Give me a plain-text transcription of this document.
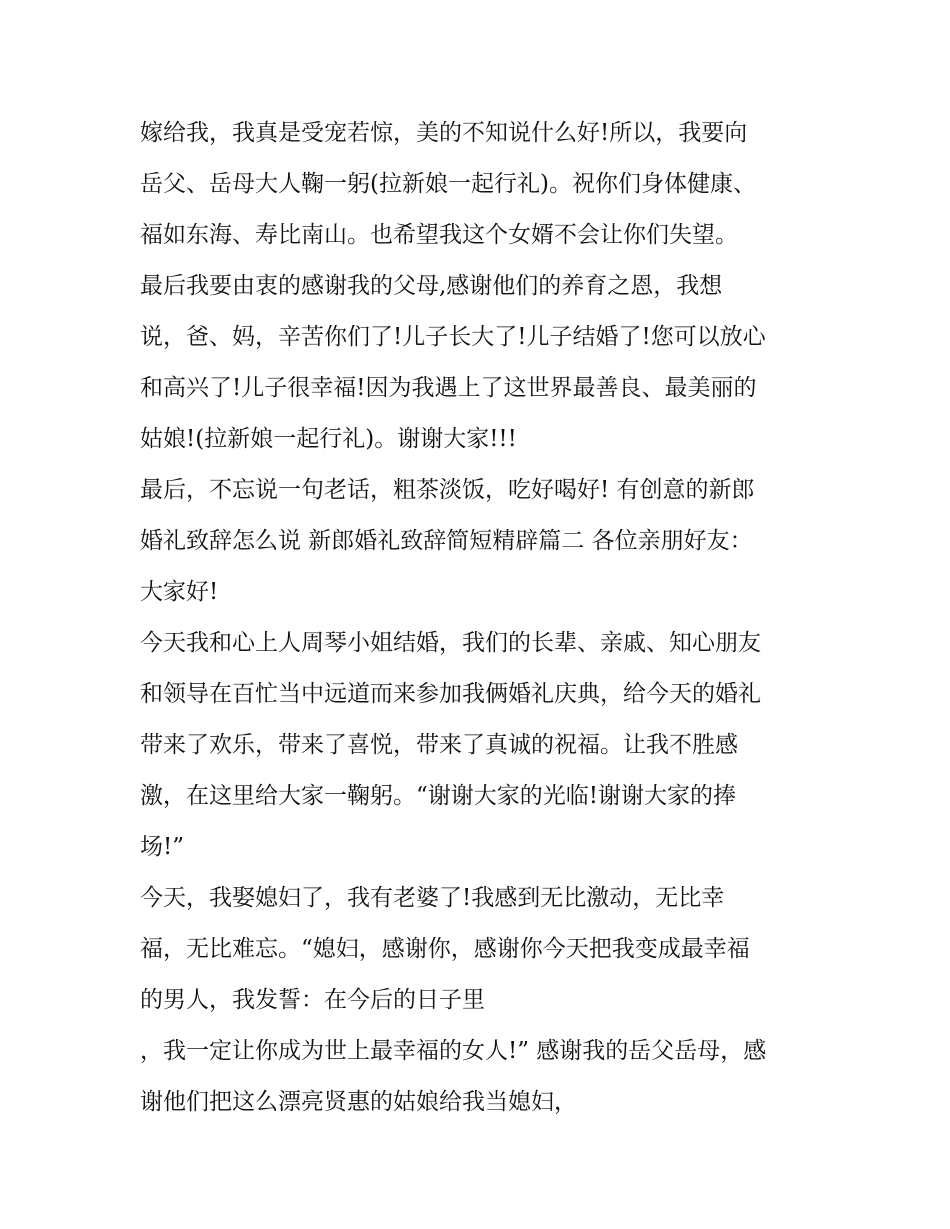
嫁给我，我真是受宠若惊，美的不知说什么好!所以，我要向
岳父、岳母大人鞠一躬(拉新娘一起行礼)。祝你们身体健康、
福如东海、寿比南山。也希望我这个女婿不会让你们失望。
最后我要由衷的感谢我的父母,感谢他们的养育之恩，我想
说，爸、妈，辛苦你们了!儿子长大了!儿子结婚了!您可以放心
和高兴了!儿子很幸福!因为我遇上了这世界最善良、最美丽的
姑娘!(拉新娘一起行礼)。谢谢大家!!!
最后，不忘说一句老话，粗茶淡饭，吃好喝好! 有创意的新郎
婚礼致辞怎么说 新郎婚礼致辞简短精辟篇二 各位亲朋好友：
大家好!
今天我和心上人周琴小姐结婚，我们的长辈、亲戚、知心朋友
和领导在百忙当中远道而来参加我俩婚礼庆典，给今天的婚礼
带来了欢乐，带来了喜悦，带来了真诚的祝福。让我不胜感
激，在这里给大家一鞠躬。“谢谢大家的光临!谢谢大家的捧
场!”
今天，我娶媳妇了，我有老婆了!我感到无比激动，无比幸
福，无比难忘。“媳妇，感谢你，感谢你今天把我变成最幸福
的男人，我发誓：在今后的日子里
，我一定让你成为世上最幸福的女人!” 感谢我的岳父岳母，感
谢他们把这么漂亮贤惠的姑娘给我当媳妇，
